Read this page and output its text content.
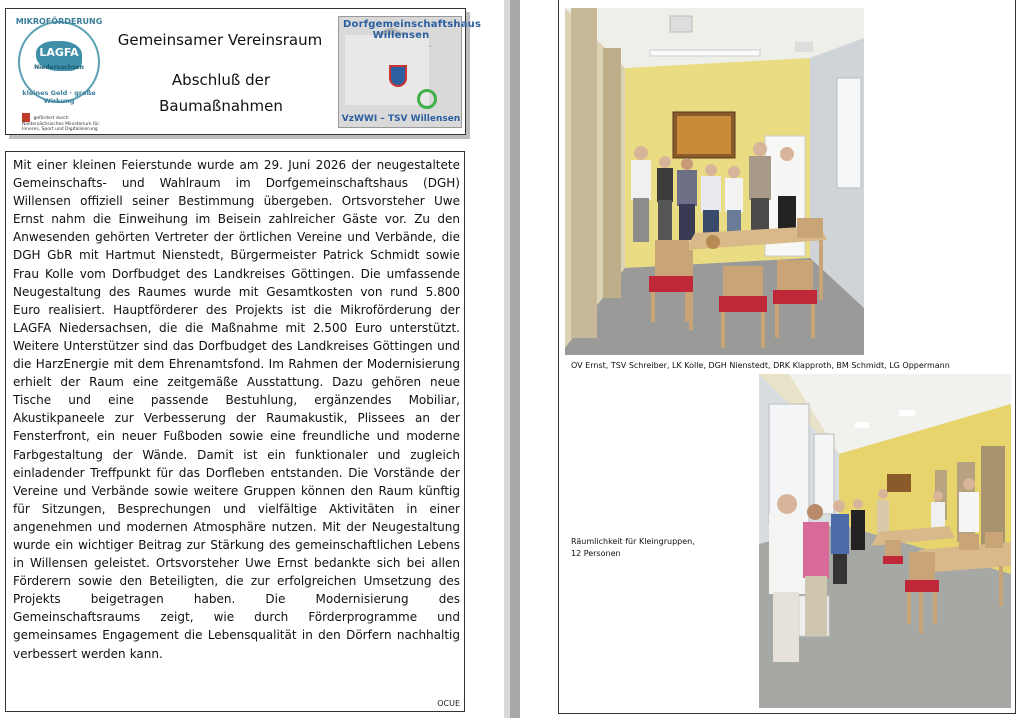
MIKROFÖRDERUNG
LAGFA
Niedersachsen
kleines Geld · große Wirkung
gefördert durch
Niedersächsisches Ministerium für Inneres, Sport und Digitalisierung
Gemeinsamer Vereinsraum
Abschluß der
Baumaßnahmen
Dorfgemeinschaftshaus Willensen
VzWWI – TSV Willensen

Mit einer kleinen Feierstunde wurde am 29. Juni 2026 der neugestaltete Gemeinschafts- und Wahlraum im Dorfgemeinschaftshaus (DGH) Willensen offiziell seiner Bestimmung übergeben. Ortsvorsteher Uwe Ernst nahm die Einweihung im Beisein zahlreicher Gäste vor. Zu den Anwesenden gehörten Vertreter der örtlichen Vereine und Verbände, die DGH GbR mit Hartmut Nienstedt, Bürgermeister Patrick Schmidt sowie Frau Kolle vom Dorfbudget des Landkreises Göttingen. Die umfassende Neugestaltung des Raumes wurde mit Gesamtkosten von rund 5.800 Euro realisiert. Hauptförderer des Projekts ist die Mikroförderung der LAGFA Niedersachsen, die die Maßnahme mit 2.500 Euro unterstützt. Weitere Unterstützer sind das Dorfbudget des Landkreises Göttingen und die HarzEnergie mit dem Ehrenamtsfond. Im Rahmen der Modernisierung erhielt der Raum eine zeitgemäße Ausstattung. Dazu gehören neue Tische und eine passende Bestuhlung, ergänzendes Mobiliar, Akustikpaneele zur Verbesserung der Raumakustik, Plissees an der Fensterfront, ein neuer Fußboden sowie eine freundliche und moderne Farbgestaltung der Wände. Damit ist ein funktionaler und zugleich einladender Treffpunkt für das Dorfleben entstanden. Die Vorstände der Vereine und Verbände sowie weitere Gruppen können den Raum künftig für Sitzungen, Besprechungen und vielfältige Aktivitäten in einer angenehmen und modernen Atmosphäre nutzen. Mit der Neugestaltung wurde ein wichtiger Beitrag zur Stärkung des gemeinschaftlichen Lebens in Willensen geleistet. Ortsvorsteher Uwe Ernst bedankte sich bei allen Förderern sowie den Beteiligten, die zur erfolgreichen Umsetzung des Projekts beigetragen haben. Die Modernisierung des Gemeinschaftsraums zeigt, wie durch Förderprogramme und gemeinsames Engagement die Lebensqualität in den Dörfern nachhaltig verbessert werden kann.

OCUE
OV Ernst, TSV Schreiber, LK Kolle, DGH Nienstedt, DRK Klapproth, BM Schmidt, LG Oppermann
Räumlichkeit für Kleingruppen,
12 Personen
